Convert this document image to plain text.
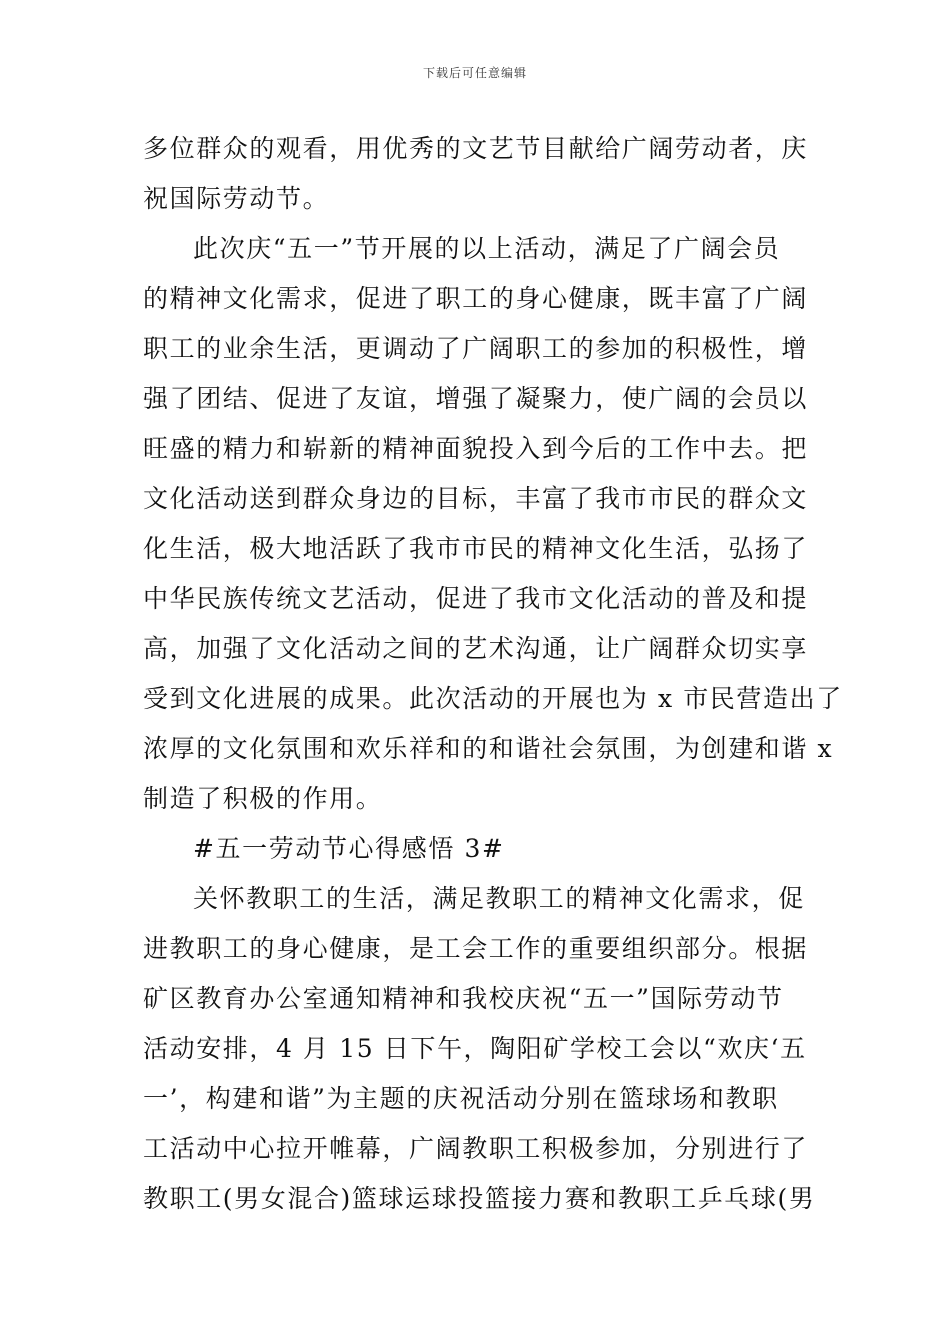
下载后可任意编辑
多位群众的观看，用优秀的文艺节目献给广阔劳动者，庆
祝国际劳动节。
此次庆“五一”节开展的以上活动，满足了广阔会员
的精神文化需求，促进了职工的身心健康，既丰富了广阔
职工的业余生活，更调动了广阔职工的参加的积极性，增
强了团结、促进了友谊，增强了凝聚力，使广阔的会员以
旺盛的精力和崭新的精神面貌投入到今后的工作中去。把
文化活动送到群众身边的目标，丰富了我市市民的群众文
化生活，极大地活跃了我市市民的精神文化生活，弘扬了
中华民族传统文艺活动，促进了我市文化活动的普及和提
高，加强了文化活动之间的艺术沟通，让广阔群众切实享
受到文化进展的成果。此次活动的开展也为 x 市民营造出了
浓厚的文化氛围和欢乐祥和的和谐社会氛围，为创建和谐 x
制造了积极的作用。
#五一劳动节心得感悟 3#
关怀教职工的生活，满足教职工的精神文化需求，促
进教职工的身心健康，是工会工作的重要组织部分。根据
矿区教育办公室通知精神和我校庆祝“五一”国际劳动节
活动安排，4 月 15 日下午，陶阳矿学校工会以“欢庆‘五
一’，构建和谐”为主题的庆祝活动分别在篮球场和教职
工活动中心拉开帷幕，广阔教职工积极参加，分别进行了
教职工(男女混合)篮球运球投篮接力赛和教职工乒乓球(男
